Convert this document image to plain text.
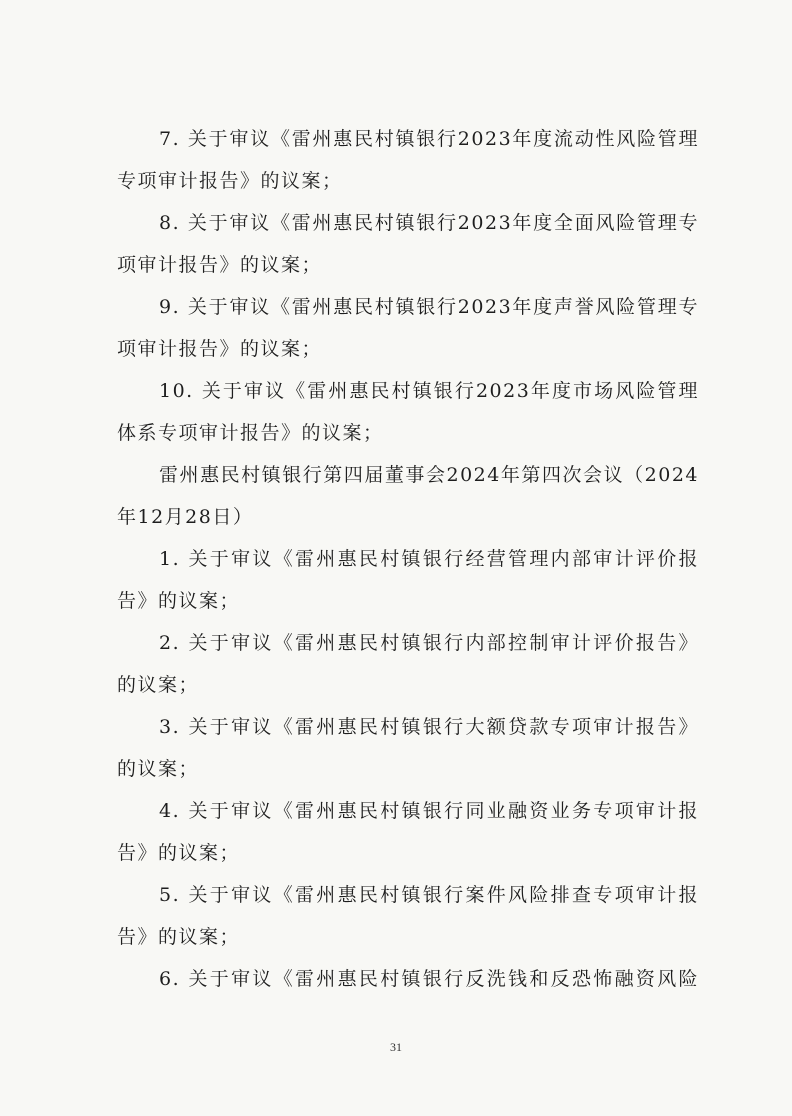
7. 关于审议《雷州惠民村镇银行2023年度流动性风险管理
专项审计报告》的议案；
8. 关于审议《雷州惠民村镇银行2023年度全面风险管理专
项审计报告》的议案；
9. 关于审议《雷州惠民村镇银行2023年度声誉风险管理专
项审计报告》的议案；
10. 关于审议《雷州惠民村镇银行2023年度市场风险管理
体系专项审计报告》的议案；
雷州惠民村镇银行第四届董事会2024年第四次会议（2024
年12月28日）
1. 关于审议《雷州惠民村镇银行经营管理内部审计评价报
告》的议案；
2. 关于审议《雷州惠民村镇银行内部控制审计评价报告》
的议案；
3. 关于审议《雷州惠民村镇银行大额贷款专项审计报告》
的议案；
4. 关于审议《雷州惠民村镇银行同业融资业务专项审计报
告》的议案；
5. 关于审议《雷州惠民村镇银行案件风险排查专项审计报
告》的议案；
6. 关于审议《雷州惠民村镇银行反洗钱和反恐怖融资风险
31
